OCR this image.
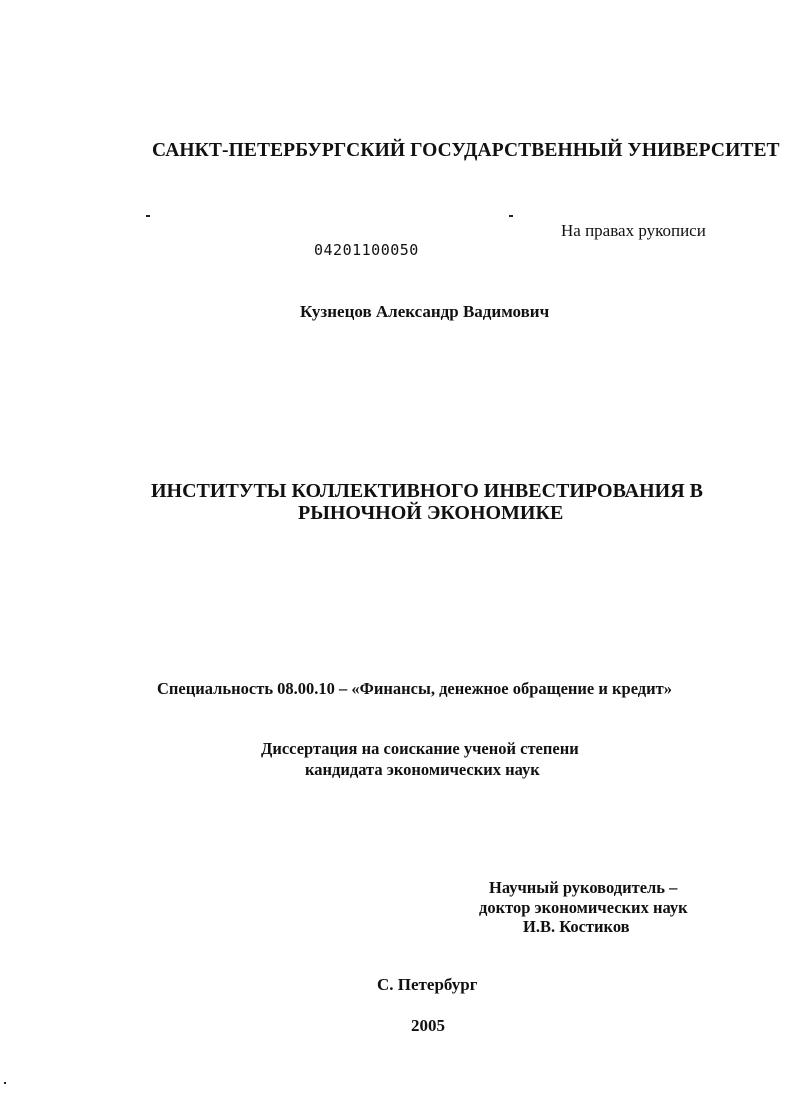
САНКТ-ПЕТЕРБУРГСКИЙ ГОСУДАРСТВЕННЫЙ УНИВЕРСИТЕТ
На правах рукописи
04201100050
Кузнецов Александр Вадимович
ИНСТИТУТЫ КОЛЛЕКТИВНОГО ИНВЕСТИРОВАНИЯ В
РЫНОЧНОЙ ЭКОНОМИКЕ
Специальность 08.00.10 – «Финансы, денежное обращение и кредит»
Диссертация на соискание ученой степени
кандидата экономических наук
Научный руководитель –
доктор экономических наук
И.В. Костиков
С. Петербург
2005
